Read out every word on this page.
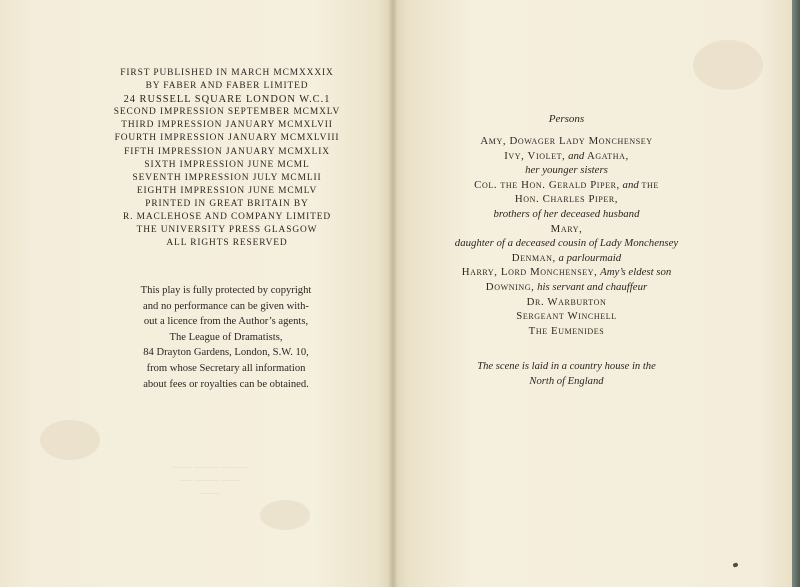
FIRST PUBLISHED IN MARCH MCMXXXIX
BY FABER AND FABER LIMITED
24 RUSSELL SQUARE LONDON W.C.1
SECOND IMPRESSION SEPTEMBER MCMXLV
THIRD IMPRESSION JANUARY MCMXLVII
FOURTH IMPRESSION JANUARY MCMXLVIII
FIFTH IMPRESSION JANUARY MCMXLIX
SIXTH IMPRESSION JUNE MCML
SEVENTH IMPRESSION JULY MCMLII
EIGHTH IMPRESSION JUNE MCMLV
PRINTED IN GREAT BRITAIN BY
R. MACLEHOSE AND COMPANY LIMITED
THE UNIVERSITY PRESS GLASGOW
ALL RIGHTS RESERVED
This play is fully protected by copyright
and no performance can be given with-
out a licence from the Author’s agents,
The League of Dramatists,
84 Drayton Gardens, London, S.W. 10,
from whose Secretary all information
about fees or royalties can be obtained.
─── ──── ────
── ──── ───
───
Persons
Amy, Dowager Lady Monchensey
Ivy, Violet, and Agatha,
her younger sisters
Col. the Hon. Gerald Piper, and the
Hon. Charles Piper,
brothers of her deceased husband
Mary,
daughter of a deceased cousin of Lady Monchensey
Denman, a parlourmaid
Harry, Lord Monchensey, Amy’s eldest son
Downing, his servant and chauffeur
Dr. Warburton
Sergeant Winchell
The Eumenides
The scene is laid in a country house in the
North of England
